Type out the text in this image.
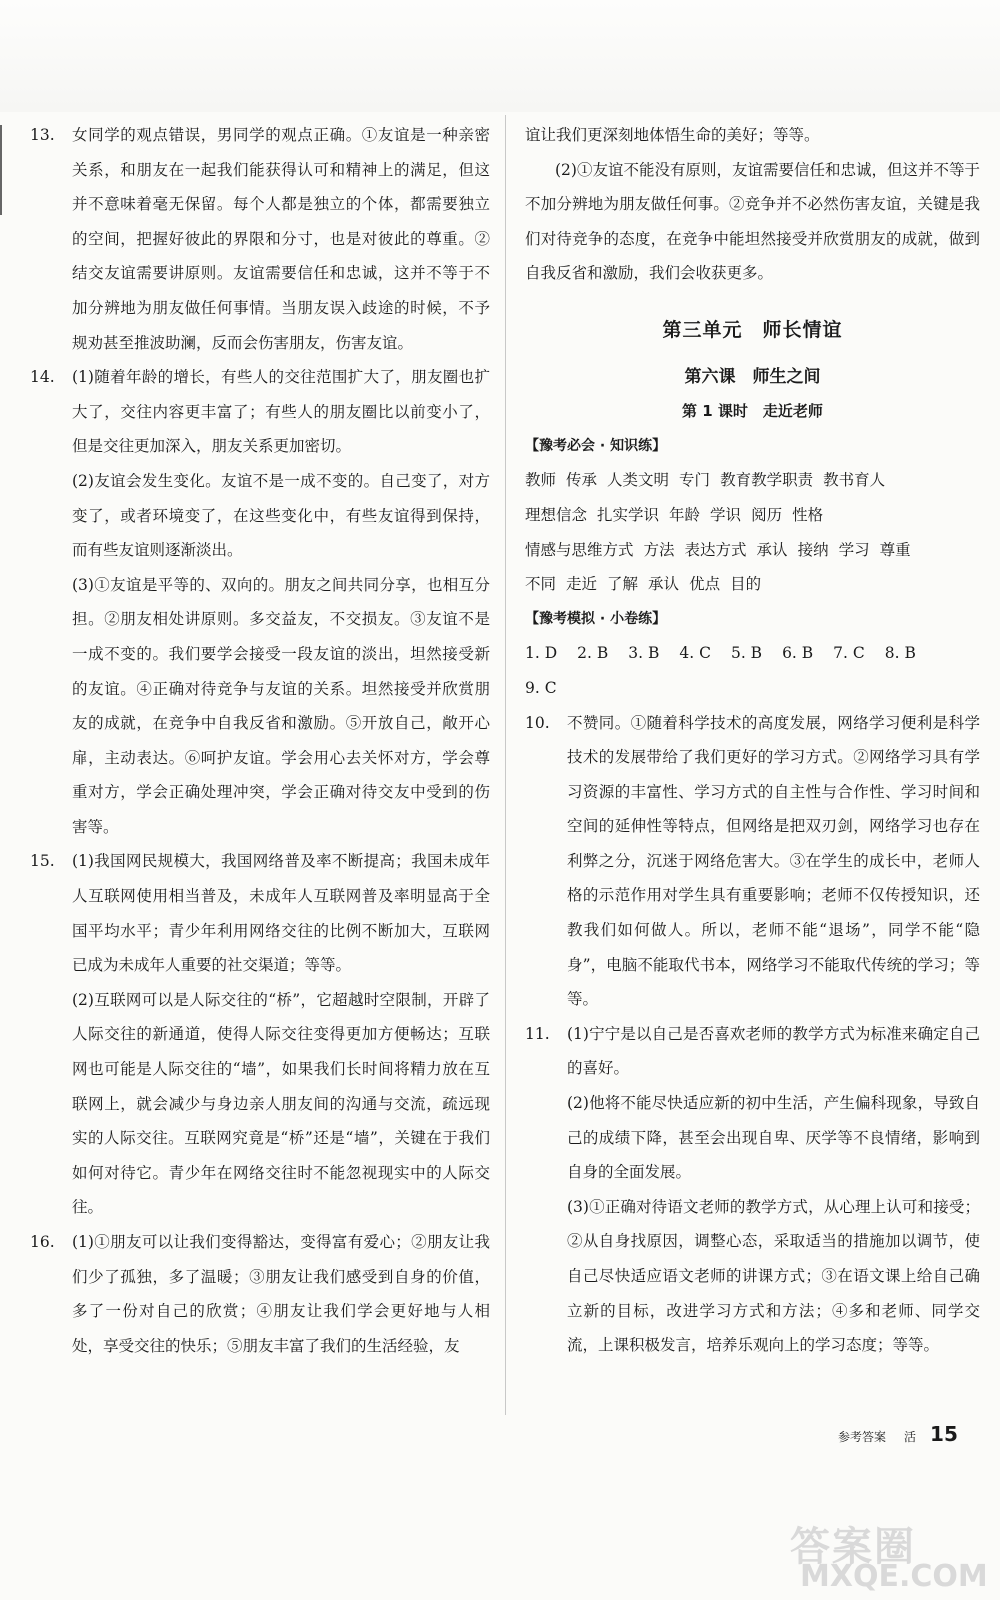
13. 女同学的观点错误，男同学的观点正确。①友谊是一种亲密关系，和朋友在一起我们能获得认可和精神上的满足，但这并不意味着毫无保留。每个人都是独立的个体，都需要独立的空间，把握好彼此的界限和分寸，也是对彼此的尊重。②结交友谊需要讲原则。友谊需要信任和忠诚，这并不等于不加分辨地为朋友做任何事情。当朋友误入歧途的时候，不予规劝甚至推波助澜，反而会伤害朋友，伤害友谊。
14. (1)随着年龄的增长，有些人的交往范围扩大了，朋友圈也扩大了，交往内容更丰富了；有些人的朋友圈比以前变小了，但是交往更加深入，朋友关系更加密切。
(2)友谊会发生变化。友谊不是一成不变的。自己变了，对方变了，或者环境变了，在这些变化中，有些友谊得到保持，而有些友谊则逐渐淡出。
(3)①友谊是平等的、双向的。朋友之间共同分享，也相互分担。②朋友相处讲原则。多交益友，不交损友。③友谊不是一成不变的。我们要学会接受一段友谊的淡出，坦然接受新的友谊。④正确对待竞争与友谊的关系。坦然接受并欣赏朋友的成就，在竞争中自我反省和激励。⑤开放自己，敞开心扉，主动表达。⑥呵护友谊。学会用心去关怀对方，学会尊重对方，学会正确处理冲突，学会正确对待交友中受到的伤害等。
15. (1)我国网民规模大，我国网络普及率不断提高；我国未成年人互联网使用相当普及，未成年人互联网普及率明显高于全国平均水平；青少年利用网络交往的比例不断加大，互联网已成为未成年人重要的社交渠道；等等。
(2)互联网可以是人际交往的“桥”，它超越时空限制，开辟了人际交往的新通道，使得人际交往变得更加方便畅达；互联网也可能是人际交往的“墙”，如果我们长时间将精力放在互联网上，就会减少与身边亲人朋友间的沟通与交流，疏远现实的人际交往。互联网究竟是“桥”还是“墙”，关键在于我们如何对待它。青少年在网络交往时不能忽视现实中的人际交往。
16. (1)①朋友可以让我们变得豁达，变得富有爱心；②朋友让我们少了孤独，多了温暖；③朋友让我们感受到自身的价值，多了一份对自己的欣赏；④朋友让我们学会更好地与人相处，享受交往的快乐；⑤朋友丰富了我们的生活经验，友
谊让我们更深刻地体悟生命的美好；等等。
(2)①友谊不能没有原则，友谊需要信任和忠诚，但这并不等于不加分辨地为朋友做任何事。②竞争并不必然伤害友谊，关键是我们对待竞争的态度，在竞争中能坦然接受并欣赏朋友的成就，做到自我反省和激励，我们会收获更多。
第三单元　师长情谊
第六课　师生之间
第 1 课时　走近老师
【豫考必会 · 知识练】
教师 传承 人类文明 专门 教育教学职责 教书育人
理想信念 扎实学识 年龄 学识 阅历 性格
情感与思维方式 方法 表达方式 承认 接纳 学习 尊重
不同 走近 了解 承认 优点 目的
【豫考模拟 · 小卷练】
1. D 2. B 3. B 4. C 5. B 6. B 7. C 8. B
9. C
10. 不赞同。①随着科学技术的高度发展，网络学习便利是科学技术的发展带给了我们更好的学习方式。②网络学习具有学习资源的丰富性、学习方式的自主性与合作性、学习时间和空间的延伸性等特点，但网络是把双刃剑，网络学习也存在利弊之分，沉迷于网络危害大。③在学生的成长中，老师人格的示范作用对学生具有重要影响；老师不仅传授知识，还教我们如何做人。所以，老师不能“退场”，同学不能“隐身”，电脑不能取代书本，网络学习不能取代传统的学习；等等。
11. (1)宁宁是以自己是否喜欢老师的教学方式为标准来确定自己的喜好。
(2)他将不能尽快适应新的初中生活，产生偏科现象，导致自己的成绩下降，甚至会出现自卑、厌学等不良情绪，影响到自身的全面发展。
(3)①正确对待语文老师的教学方式，从心理上认可和接受；②从自身找原因，调整心态，采取适当的措施加以调节，使自己尽快适应语文老师的讲课方式；③在语文课上给自己确立新的目标，改进学习方式和方法；④多和老师、同学交流，上课积极发言，培养乐观向上的学习态度；等等。
参考答案 活 15
答案圈
MXQE.COM
